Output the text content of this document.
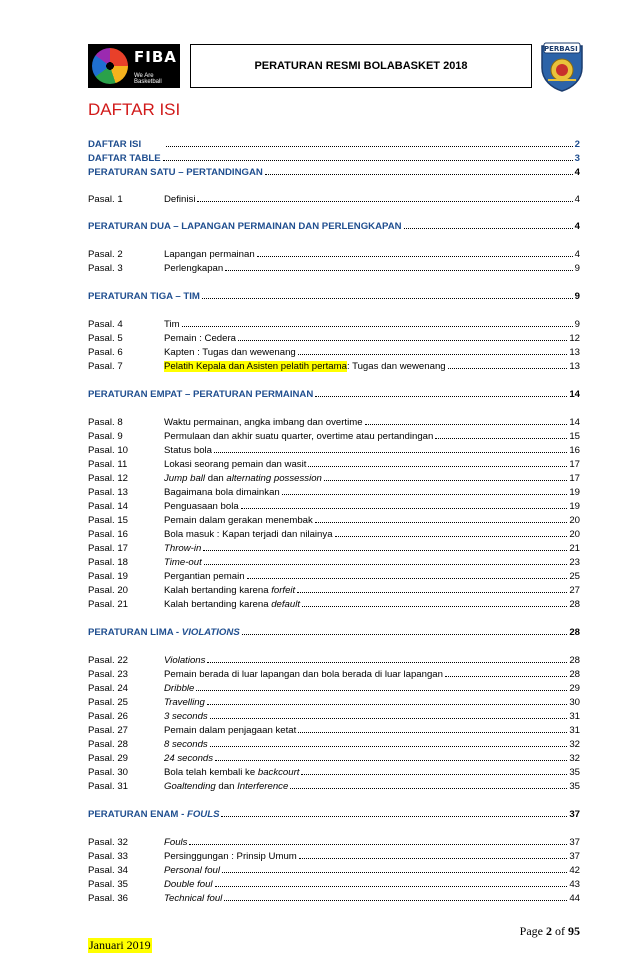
FIBA
We Are Basketball
PERATURAN RESMI BOLABASKET 2018
PERBASI
DAFTAR ISI
DAFTAR ISI	2
DAFTAR TABLE	3
PERATURAN SATU – PERTANDINGAN	4
Pasal. 1	Definisi	4
PERATURAN DUA – LAPANGAN PERMAINAN DAN PERLENGKAPAN	4
Pasal. 2	Lapangan permainan	4
Pasal. 3	Perlengkapan	9
PERATURAN TIGA – TIM	9
Pasal. 4	Tim	9
Pasal. 5	Pemain : Cedera	12
Pasal. 6	Kapten : Tugas dan wewenang	13
Pasal. 7	Pelatih Kepala dan Asisten pelatih pertama: Tugas dan wewenang	13
PERATURAN EMPAT – PERATURAN PERMAINAN	14
Pasal. 8	Waktu permainan, angka imbang dan overtime	14
Pasal. 9	Permulaan dan akhir suatu quarter, overtime atau pertandingan	15
Pasal. 10	Status bola	16
Pasal. 11	Lokasi seorang pemain dan wasit	17
Pasal. 12	Jump ball dan alternating possession	17
Pasal. 13	Bagaimana bola dimainkan	19
Pasal. 14	Penguasaan bola	19
Pasal. 15	Pemain dalam gerakan menembak	20
Pasal. 16	Bola masuk : Kapan terjadi dan nilainya	20
Pasal. 17	Throw-in	21
Pasal. 18	Time-out	23
Pasal. 19	Pergantian pemain	25
Pasal. 20	Kalah bertanding karena forfeit	27
Pasal. 21	Kalah bertanding karena default	28
PERATURAN LIMA - VIOLATIONS	28
Pasal. 22	Violations	28
Pasal. 23	Pemain berada di luar lapangan dan bola berada di luar lapangan	28
Pasal. 24	Dribble	29
Pasal. 25	Travelling	30
Pasal. 26	3 seconds	31
Pasal. 27	Pemain dalam penjagaan ketat	31
Pasal. 28	8 seconds	32
Pasal. 29	24 seconds	32
Pasal. 30	Bola telah kembali ke backcourt	35
Pasal. 31	Goaltending dan Interference	35
PERATURAN ENAM - FOULS	37
Pasal. 32	Fouls	37
Pasal. 33	Persinggungan : Prinsip Umum	37
Pasal. 34	Personal foul	42
Pasal. 35	Double foul	43
Pasal. 36	Technical foul	44
Page 2 of 95
Januari 2019
